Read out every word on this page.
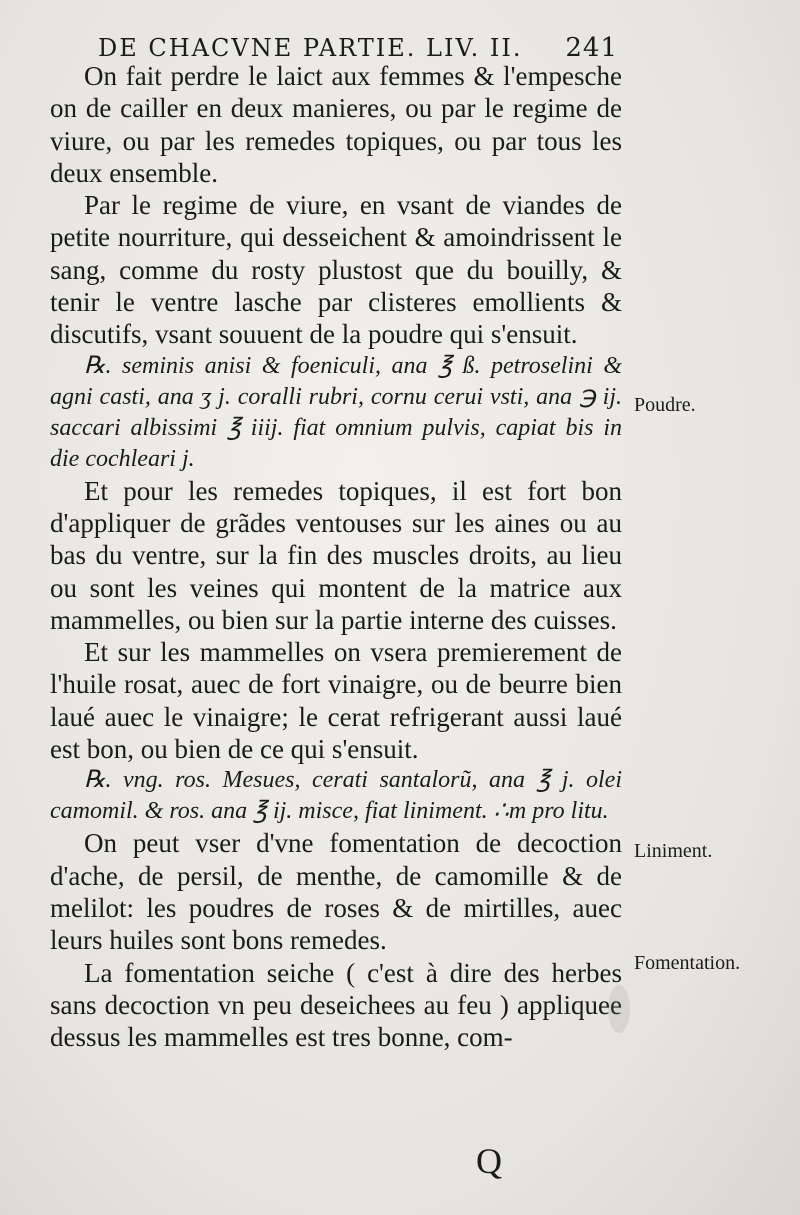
DE CHACVNE PARTIE. LIV. II. 241

On fait perdre le laict aux femmes & l'empesche on de cailler en deux manieres, ou par le regime de viure, ou par les remedes topiques, ou par tous les deux ensemble.

Par le regime de viure, en vsant de viandes de petite nourriture, qui desseichent & amoindrissent le sang, comme du rosty plustost que du bouilly, & tenir le ventre lasche par clisteres emollients & discutifs, vsant souuent de la poudre qui s'ensuit.

℞. seminis anisi & foeniculi, ana ℥ ß. petroselini & agni casti, ana ʒ j. coralli rubri, cornu cerui vsti, ana ℈ ij. saccari albissimi ℥ iiij. fiat omnium pulvis, capiat bis in die cochleari j.

Et pour les remedes topiques, il est fort bon d'appliquer de grãdes ventouses sur les aines ou au bas du ventre, sur la fin des muscles droits, au lieu ou sont les veines qui montent de la matrice aux mammelles, ou bien sur la partie interne des cuisses.

Et sur les mammelles on vsera premierement de l'huile rosat, auec de fort vinaigre, ou de beurre bien laué auec le vinaigre; le cerat refrigerant aussi laué est bon, ou bien de ce qui s'ensuit.

℞. vng. ros. Mesues, cerati santalorũ, ana ℥ j. olei camomil. & ros. ana ℥ ij. misce, fiat liniment. ∴m pro litu.

On peut vser d'vne fomentation de decoction d'ache, de persil, de menthe, de camomille & de melilot: les poudres de roses & de mirtilles, auec leurs huiles sont bons remedes.

La fomentation seiche ( c'est à dire des herbes sans decoction vn peu deseichees au feu ) appliquee dessus les mammelles est tres bonne, com-

Poudre.
Liniment.
Fomentation.
Q
